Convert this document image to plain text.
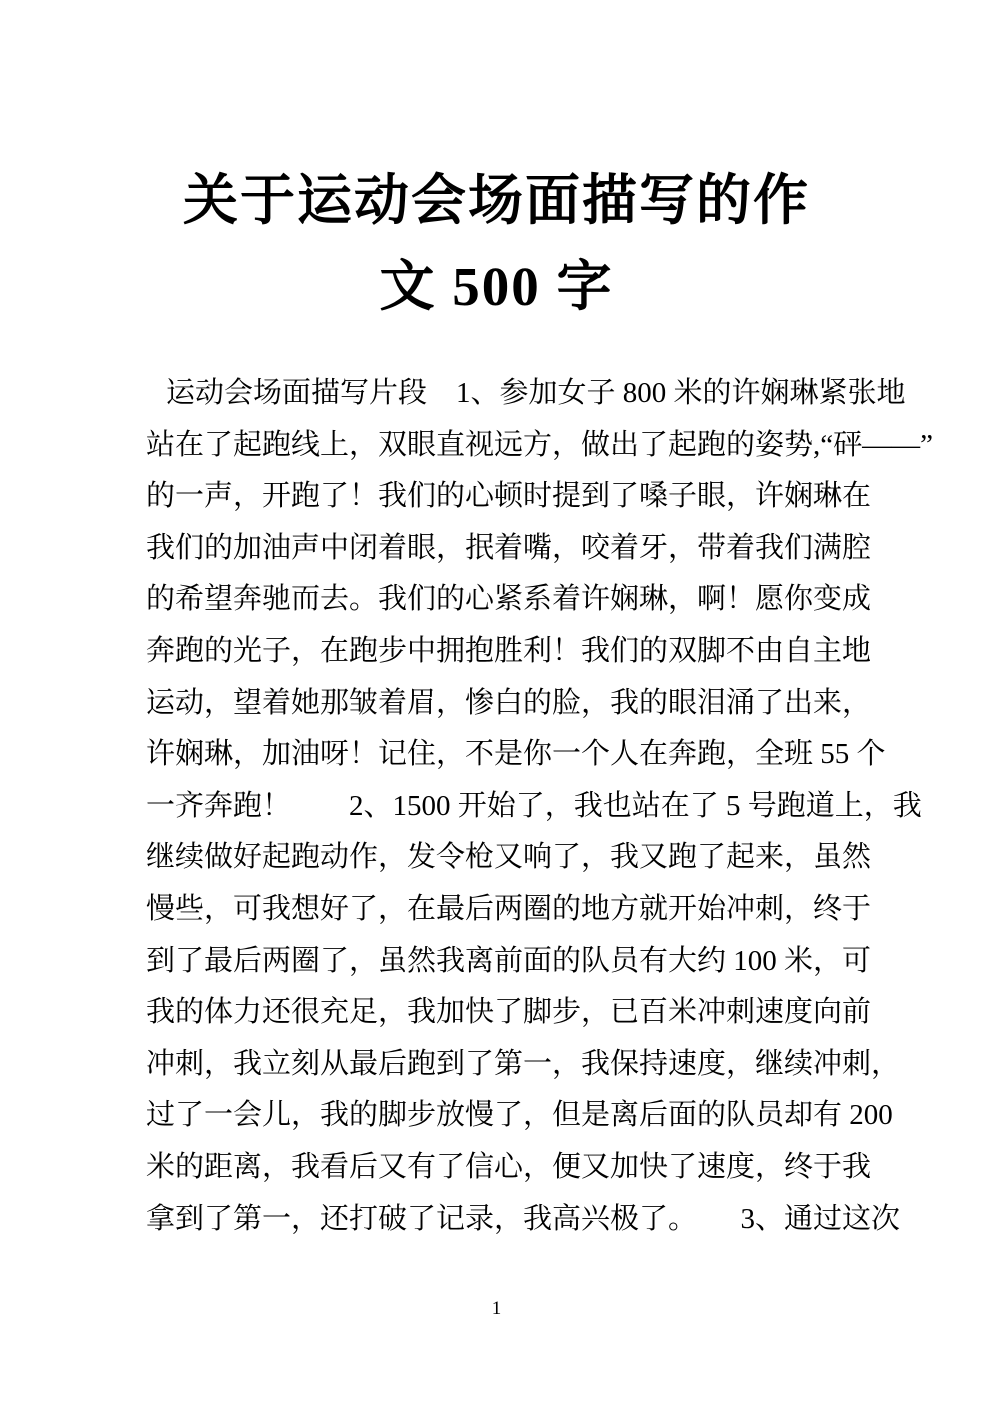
关于运动会场面描写的作
文 500 字
运动会场面描写片段　1、参加女子 800 米的许娴琳紧张地
站在了起跑线上，双眼直视远方，做出了起跑的姿势,“砰——”
的一声，开跑了！我们的心顿时提到了嗓子眼，许娴琳在
我们的加油声中闭着眼，抿着嘴，咬着牙，带着我们满腔
的希望奔驰而去。我们的心紧系着许娴琳，啊！愿你变成
奔跑的光子，在跑步中拥抱胜利！我们的双脚不由自主地
运动，望着她那皱着眉，惨白的脸，我的眼泪涌了出来，
许娴琳，加油呀！记住，不是你一个人在奔跑，全班 55 个
一齐奔跑！　　2、1500 开始了，我也站在了 5 号跑道上，我
继续做好起跑动作，发令枪又响了，我又跑了起来，虽然
慢些，可我想好了，在最后两圈的地方就开始冲刺，终于
到了最后两圈了，虽然我离前面的队员有大约 100 米，可
我的体力还很充足，我加快了脚步，已百米冲刺速度向前
冲刺，我立刻从最后跑到了第一，我保持速度，继续冲刺，
过了一会儿，我的脚步放慢了，但是离后面的队员却有 200
米的距离，我看后又有了信心，便又加快了速度，终于我
拿到了第一，还打破了记录，我高兴极了。　　3、通过这次
1
